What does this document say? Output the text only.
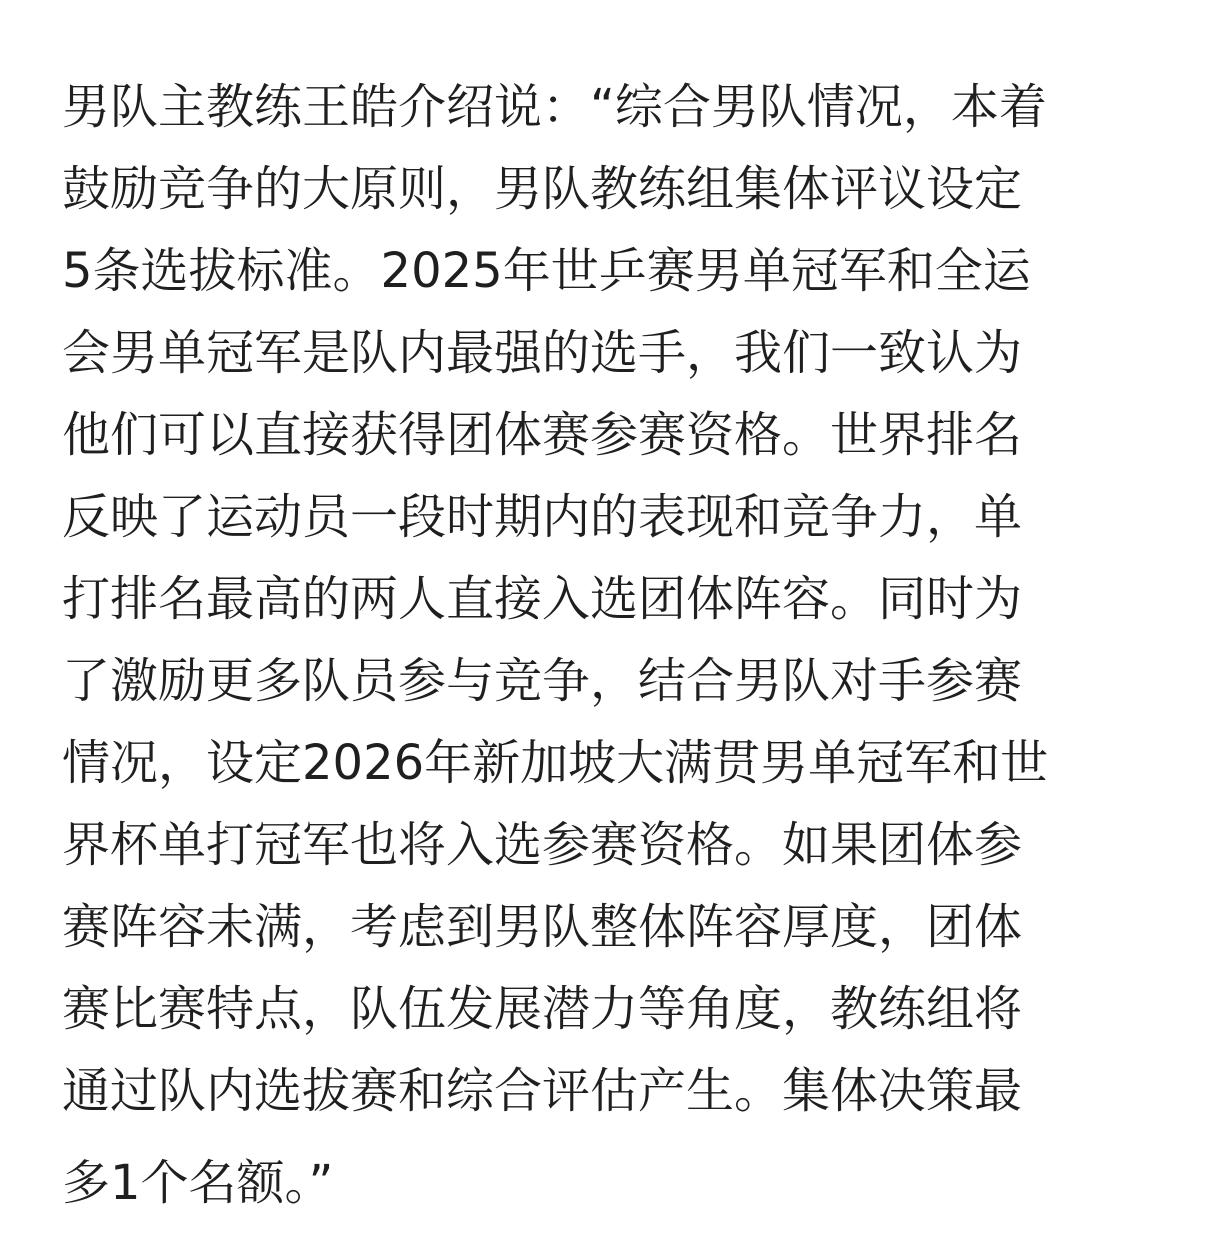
男队主教练王皓介绍说：“综合男队情况，本着
鼓励竞争的大原则，男队教练组集体评议设定
5条选拔标准。2025年世乒赛男单冠军和全运
会男单冠军是队内最强的选手，我们一致认为
他们可以直接获得团体赛参赛资格。世界排名
反映了运动员一段时期内的表现和竞争力，单
打排名最高的两人直接入选团体阵容。同时为
了激励更多队员参与竞争，结合男队对手参赛
情况，设定2026年新加坡大满贯男单冠军和世
界杯单打冠军也将入选参赛资格。如果团体参
赛阵容未满，考虑到男队整体阵容厚度，团体
赛比赛特点，队伍发展潜力等角度，教练组将
通过队内选拔赛和综合评估产生。集体决策最
多1个名额。”
